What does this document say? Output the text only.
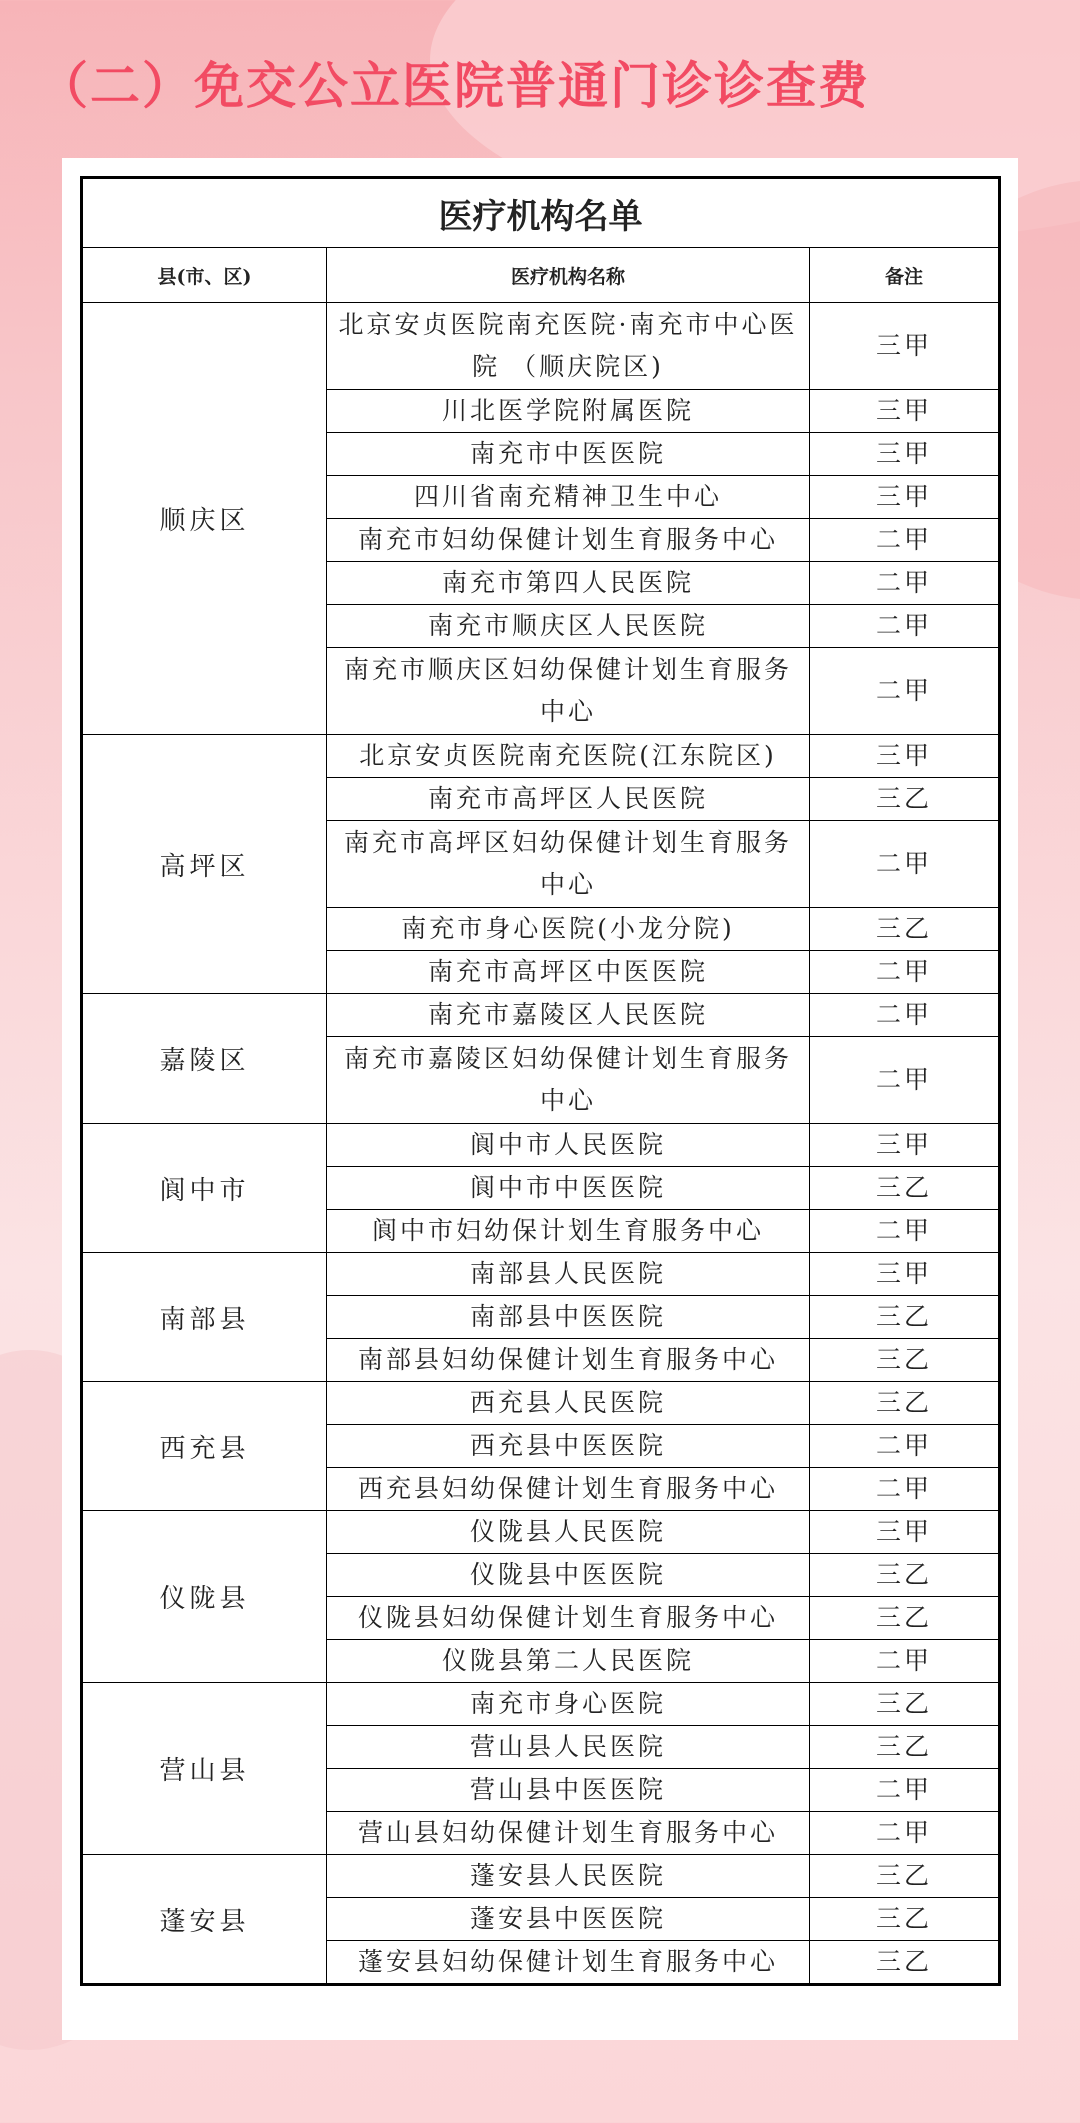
（二）免交公立医院普通门诊诊查费
医疗机构名单		
县(市、区)	医疗机构名称	备注
顺庆区	北京安贞医院南充医院·南充市中心医院 （顺庆院区)	三甲
	川北医学院附属医院	三甲
	南充市中医医院	三甲
	四川省南充精神卫生中心	三甲
	南充市妇幼保健计划生育服务中心	二甲
	南充市第四人民医院	二甲
	南充市顺庆区人民医院	二甲
	南充市顺庆区妇幼保健计划生育服务中心	二甲
高坪区	北京安贞医院南充医院(江东院区)	三甲
	南充市高坪区人民医院	三乙
	南充市高坪区妇幼保健计划生育服务中心	二甲
	南充市身心医院(小龙分院)	三乙
	南充市高坪区中医医院	二甲
嘉陵区	南充市嘉陵区人民医院	二甲
	南充市嘉陵区妇幼保健计划生育服务中心	二甲
阆中市	阆中市人民医院	三甲
	阆中市中医医院	三乙
	阆中市妇幼保计划生育服务中心	二甲
南部县	南部县人民医院	三甲
	南部县中医医院	三乙
	南部县妇幼保健计划生育服务中心	三乙
西充县	西充县人民医院	三乙
	西充县中医医院	二甲
	西充县妇幼保健计划生育服务中心	二甲
仪陇县	仪陇县人民医院	三甲
	仪陇县中医医院	三乙
	仪陇县妇幼保健计划生育服务中心	三乙
	仪陇县第二人民医院	二甲
营山县	南充市身心医院	三乙
	营山县人民医院	三乙
	营山县中医医院	二甲
	营山县妇幼保健计划生育服务中心	二甲
蓬安县	蓬安县人民医院	三乙
	蓬安县中医医院	三乙
	蓬安县妇幼保健计划生育服务中心	三乙
